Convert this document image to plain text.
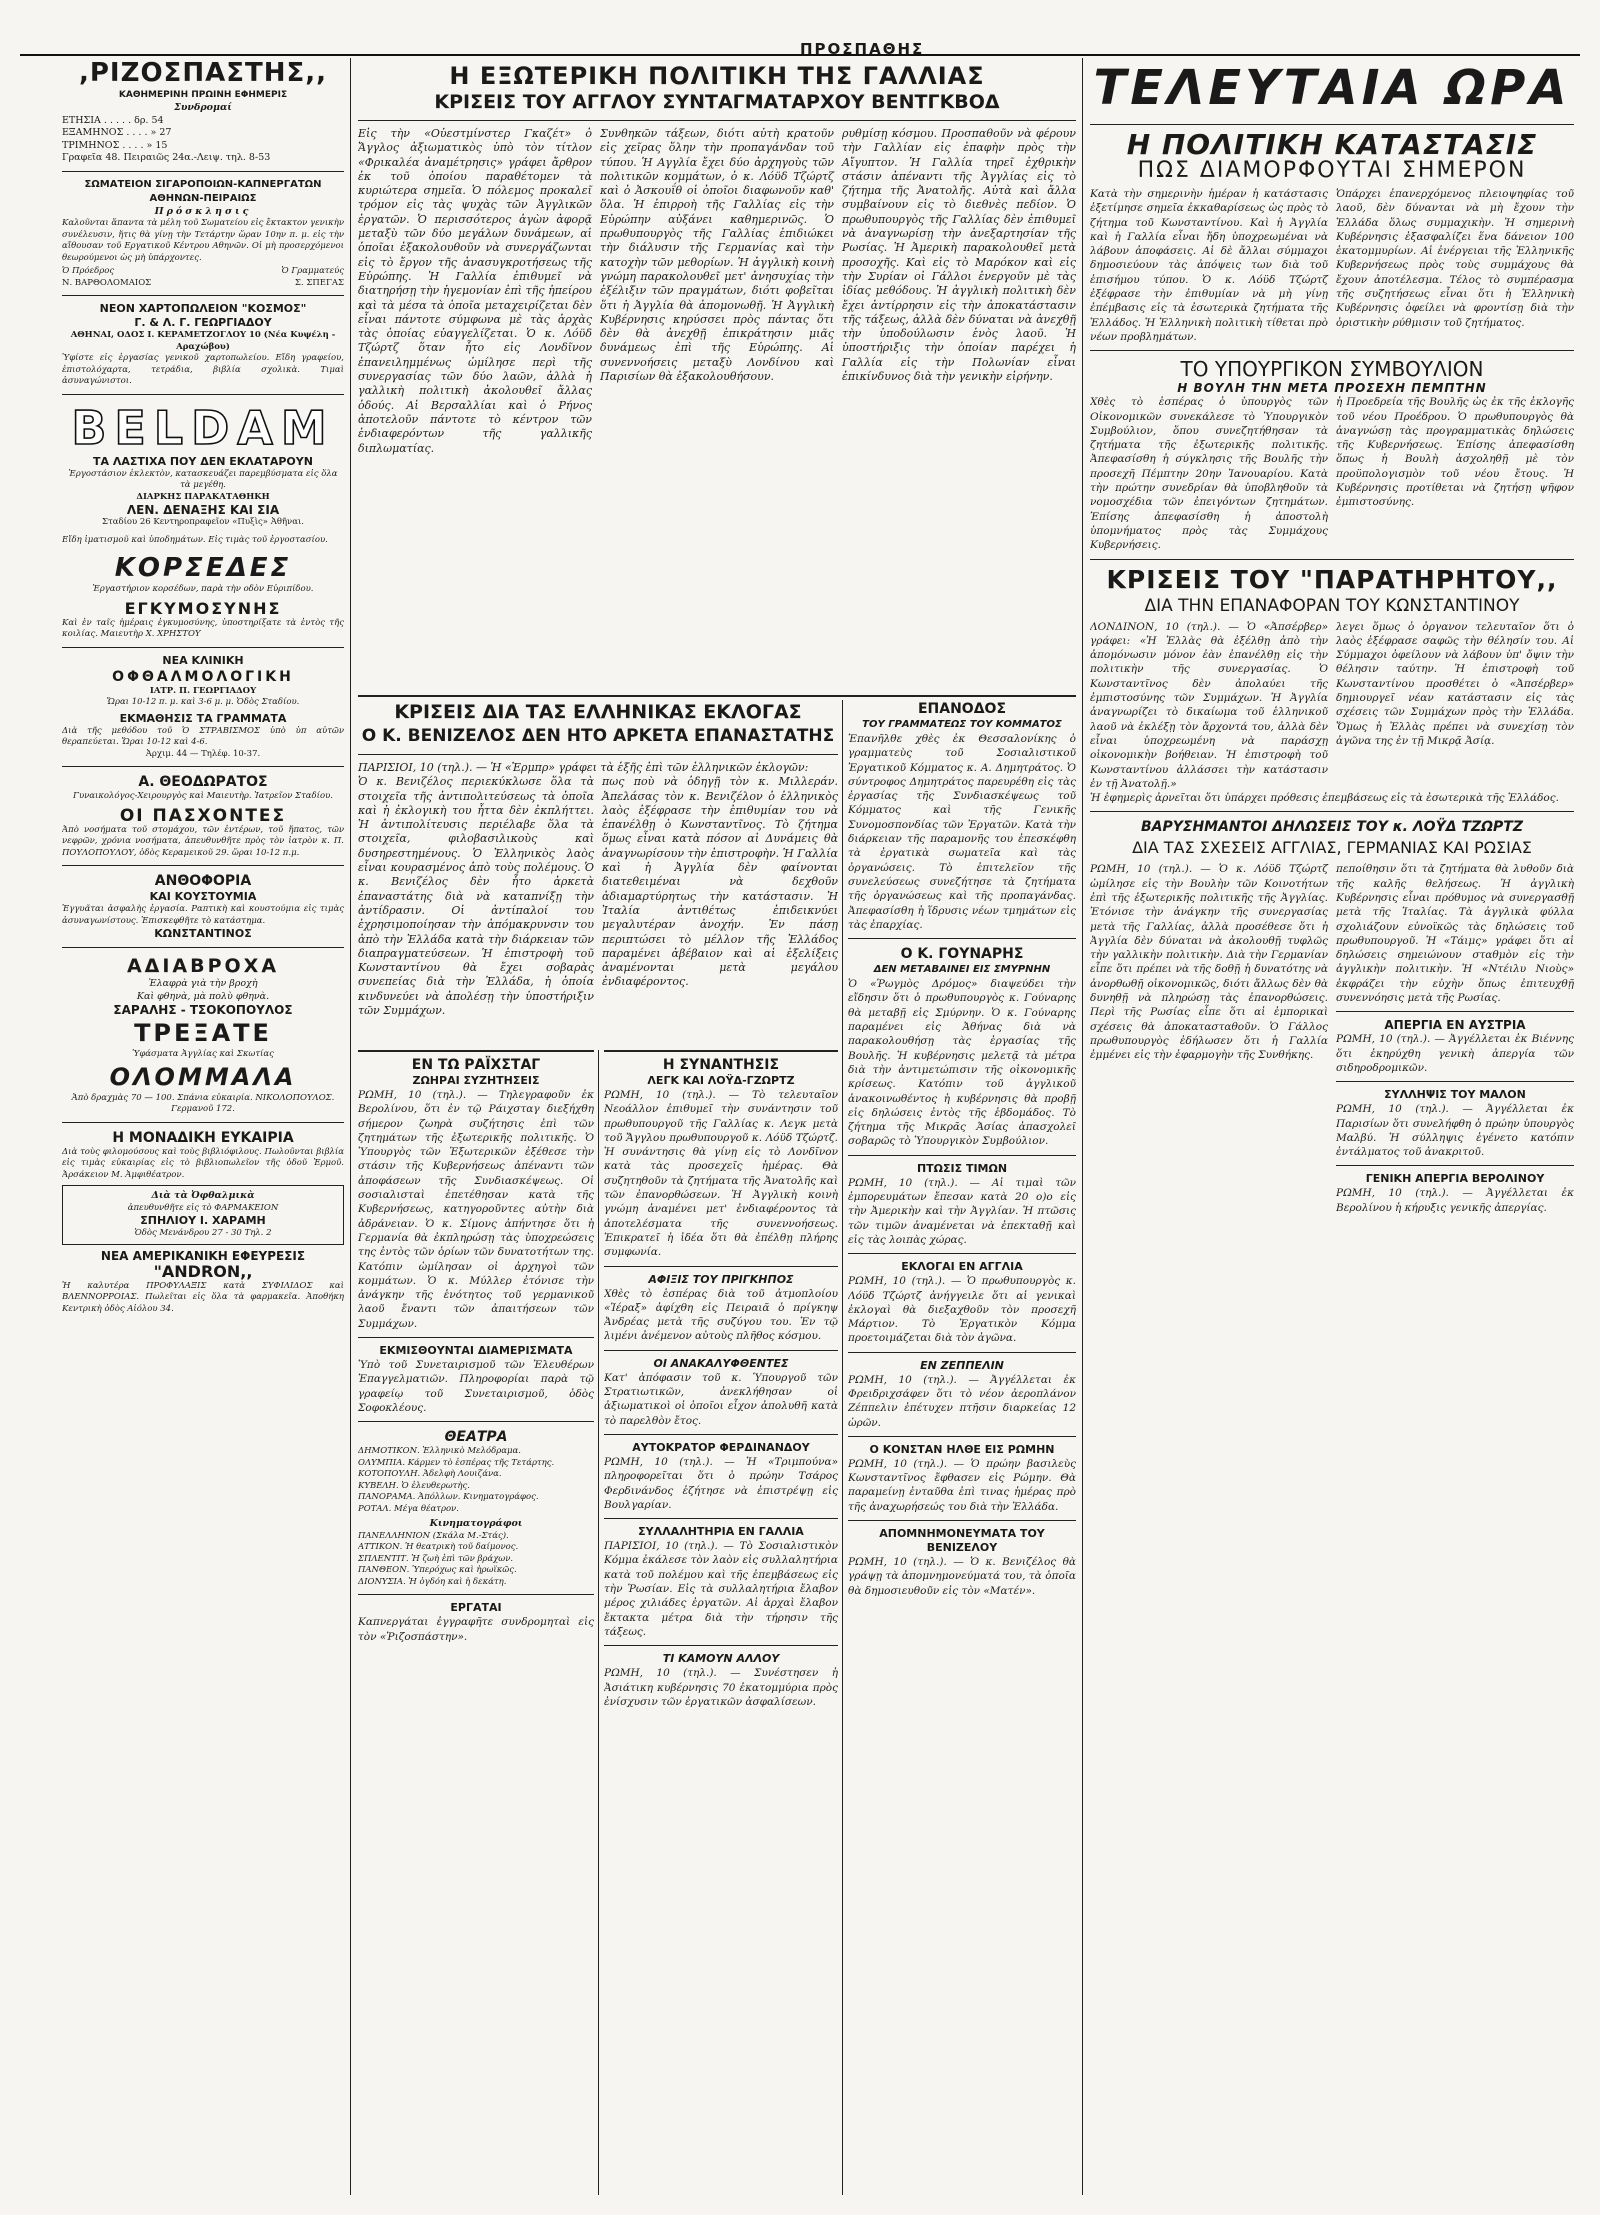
ΠΡΟΣΠΑΘΗΣ
,ΡΙΖΟΣΠΑΣΤΗΣ,,
ΚΑΘΗΜΕΡΙΝΗ ΠΡΩΙΝΗ ΕΦΗΜΕΡΙΣ
Συνδρομαί
ΕΤΗΣΙΑ . . . . . δρ. 54
ΕΞΑΜΗΝΟΣ . . . . » 27
ΤΡΙΜΗΝΟΣ . . . . » 15
Γραφεῖα 48. Πειραιῶς 24α.-Λειψ. τηλ. 8-53
ΣΩΜΑΤΕΙΟΝ ΣΙΓΑΡΟΠΟΙΩΝ-ΚΑΠΝΕΡΓΑΤΩΝ ΑΘΗΝΩΝ-ΠΕΙΡΑΙΩΣ
Πρόσκλησις
Καλοῦνται ἅπαντα τὰ μέλη τοῦ Σωματείου εἰς ἔκτακτον γενικὴν συνέλευσιν, ἥτις θὰ γίνῃ τὴν Τετάρτην ὥραν 10ην π. μ. εἰς τὴν αἴθουσαν τοῦ Εργατικοῦ Κέντρου Αθηνῶν. Οἱ μὴ προσερχόμενοι θεωρούμενοι ὡς μὴ ὑπάρχοντες.
Ὁ Πρόεδρος	Ὁ Γραμματεύς
Ν. ΒΑΡΘΟΛΟΜΑΙΟΣ	Σ. ΣΠΕΓΑΣ
ΝΕΟΝ ΧΑΡΤΟΠΩΛΕΙΟΝ "ΚΟΣΜΟΣ"
Γ. & Λ. Γ. ΓΕΩΡΓΙΑΔΟΥ
ΑΘΗΝΑΙ, ΟΔΟΣ Ι. ΚΕΡΑΜΕΤΖΟΓΛΟΥ 10 (Νέα Κυψέλη - Αραχώβου)
Ὑφίστε εἰς ἐργασίας γενικοῦ χαρτοπωλείου. Εἴδη γραφείου, ἐπιστολόχαρτα, τετράδια, βιβλία σχολικὰ. Τιμαὶ ἀσυναγώνιστοι.
BELDAM
ΤΑ ΛΑΣΤΙΧΑ ΠΟΥ ΔΕΝ ΕΚΛΑΤΑΡΟΥΝ
Ἐργοστάσιον ἐκλεκτὸν, κατασκευάζει παρεμβύσματα εἰς ὅλα τὰ μεγέθη.
ΔΙΑΡΚΗΣ ΠΑΡΑΚΑΤΑΘΗΚΗ
ΛΕΝ. ΔΕΝΑΞΗΣ ΚΑΙ ΣΙΑ
Σταδίου 26 Κεντηροπραφεῖον «Πυξὶς» Ἀθῆναι.
Εἴδη ἱματισμοῦ καὶ ὑποδημάτων. Εἰς τιμὰς τοῦ ἐργοστασίου.
ΚΟΡΣΕΔΕΣ
Ἐργαστήριον κορσέδων, παρὰ τὴν οδὸν Εὐριπίδου.
ΕΓΚΥΜΟΣΥΝΗΣ
Καὶ ἐν ταῖς ἡμέραις ἐγκυμοσύνης, ὑποστηρίξατε τὰ ἐντὸς τῆς κοιλίας. Μαιευτὴρ Χ. ΧΡΗΣΤΟΥ
ΝΕΑ ΚΛΙΝΙΚΗ
ΟΦΘΑΛΜΟΛΟΓΙΚΗ
ΙΑΤΡ. Π. ΓΕΩΡΓΙΑΔΟΥ
Ὥραι 10-12 π. μ. καὶ 3-6 μ. μ. Ὁδὸς Σταδίου.
ΕΚΜΑΘΗΣΙΣ ΤΑ ΓΡΑΜΜΑΤΑ
Διὰ τῆς μεθόδου τοῦ Ὁ ΣΤΡΑΒΙΣΜΟΣ ὑπὸ ὑπ αὐτῶν θεραπεύεται. Ὥραι 10-12 καὶ 4-6.
Ἀρχιμ. 44 — Τηλέφ. 10-37.
Α. ΘΕΟΔΩΡΑΤΟΣ
Γυναικολόγος-Χειρουργὸς καὶ Μαιευτὴρ. Ἰατρεῖον Σταδίου.
ΟΙ ΠΑΣΧΟΝΤΕΣ
Ἀπὸ νοσήματα τοῦ στομάχου, τῶν ἐντέρων, τοῦ ἥπατος, τῶν νεφρῶν, χρόνια νοσήματα, ἀπευθυνθῆτε πρὸς τὸν ἰατρὸν κ. Π. ΠΟΥΛΟΠΟΥΛΟΥ, ὁδὸς Κεραμεικοῦ 29. ὥραι 10-12 π.μ.
ΑΝΘΟΦΟΡΙΑ
ΚΑΙ ΚΟΥΣΤΟΥΜΙΑ
Ἐγγυᾶται ἀσφαλὴς ἐργασία. Ραπτικὴ καὶ κουστούμια εἰς τιμὰς ἀσυναγωνίστους. Ἐπισκεφθῆτε τὸ κατάστημα.
ΚΩΝΣΤΑΝΤΙΝΟΣ
ΑΔΙΑΒΡΟΧΑ
Ἐλαφρὰ γιὰ τὴν βροχὴ
Καὶ φθηνὰ, μὰ πολὺ φθηνὰ.
ΣΑΡΑΛΗΣ - ΤΣΟΚΟΠΟΥΛΟΣ
ΤΡΕΞΑΤΕ
Ὑφάσματα Ἀγγλίας καὶ Σκωτίας
ΟΛΟΜΜΑΛΑ
Ἀπὸ δραχμὰς 70 — 100. Σπάνια εὐκαιρία. ΝΙΚΟΛΟΠΟΥΛΟΣ. Γερμανοῦ 172.
Η ΜΟΝΑΔΙΚΗ ΕΥΚΑΙΡΙΑ
Διὰ τοὺς φιλομούσους καὶ τοὺς βιβλιόφιλους. Πωλοῦνται βιβλία εἰς τιμὰς εὐκαιρίας εἰς τὸ βιβλιοπωλεῖον τῆς ὁδοῦ Ἑρμοῦ. Ἀρσάκειον Μ. Ἀμφιθέατρον.
Διὰ τὰ Ὀφθαλμικὰ
ἀπευθυνθῆτε εἰς τὸ ΦΑΡΜΑΚΕΙΟΝ
ΣΠΗΛΙΟΥ Ι. ΧΑΡΑΜΗ
Ὁδὸς Μενάνδρου 27 - 30 Τηλ. 2
ΝΕΑ ΑΜΕΡΙΚΑΝΙΚΗ ΕΦΕΥΡΕΣΙΣ
"ANDRON,,
Ἡ καλυτέρα ΠΡΟΦΥΛΑΞΙΣ κατὰ ΣΥΦΙΛΙΔΟΣ καὶ ΒΛΕΝΝΟΡΡΟΙΑΣ. Πωλεῖται εἰς ὅλα τὰ φαρμακεῖα. Ἀποθήκη Κεντρικὴ ὁδὸς Αἰόλου 34.
Η ΕΞΩΤΕΡΙΚΗ ΠΟΛΙΤΙΚΗ ΤΗΣ ΓΑΛΛΙΑΣ
ΚΡΙΣΕΙΣ ΤΟΥ ΑΓΓΛΟΥ ΣΥΝΤΑΓΜΑΤΑΡΧΟΥ ΒΕΝΤΓΚΒΟΔ
Εἰς τὴν «Οὐεστμίνστερ Γκαζέτ» ὁ Ἄγγλος ἀξιωματικὸς ὑπὸ τὸν τίτλον «Φρικαλέα ἀναμέτρησις» γράφει ἄρθρον ἐκ τοῦ ὁποίου παραθέτομεν τὰ κυριώτερα σημεῖα. Ὁ πόλεμος προκαλεῖ τρόμον εἰς τὰς ψυχὰς τῶν Ἀγγλικῶν ἐργατῶν. Ὁ περισσότερος ἀγὼν ἀφορᾷ μεταξὺ τῶν δύο μεγάλων δυνάμεων, αἱ ὁποῖαι ἐξακολουθοῦν νὰ συνεργάζωνται εἰς τὸ ἔργον τῆς ἀνασυγκροτήσεως τῆς Εὐρώπης. Ἡ Γαλλία ἐπιθυμεῖ νὰ διατηρήσῃ τὴν ἡγεμονίαν ἐπὶ τῆς ἠπείρου καὶ τὰ μέσα τὰ ὁποῖα μεταχειρίζεται δὲν εἶναι πάντοτε σύμφωνα μὲ τὰς ἀρχὰς τὰς ὁποίας εὐαγγελίζεται. Ὁ κ. Λόϋδ Τζώρτζ ὅταν ἦτο εἰς Λονδῖνον ἐπανειλημμένως ὡμίλησε περὶ τῆς συνεργασίας τῶν δύο λαῶν, ἀλλὰ ἡ γαλλικὴ πολιτικὴ ἀκολουθεῖ ἄλλας ὁδούς. Αἱ Βερσαλλίαι καὶ ὁ Ρήνος ἀποτελοῦν πάντοτε τὸ κέντρον τῶν ἐνδιαφερόντων τῆς γαλλικῆς διπλωματίας.
Συνθηκῶν τάξεων, διότι αὐτὴ κρατοῦν εἰς χεῖρας ὅλην τὴν προπαγάνδαν τοῦ τύπου. Ἡ Αγγλία ἔχει δύο ἀρχηγοὺς τῶν πολιτικῶν κομμάτων, ὁ κ. Λόϋδ Τζώρτζ καὶ ὁ Ἀσκουΐθ οἱ ὁποῖοι διαφωνοῦν καθ' ὅλα. Ἡ ἐπιρροὴ τῆς Γαλλίας εἰς τὴν Εὐρώπην αὐξάνει καθημερινῶς. Ὁ πρωθυπουργὸς τῆς Γαλλίας ἐπιδιώκει τὴν διάλυσιν τῆς Γερμανίας καὶ τὴν κατοχὴν τῶν μεθορίων. Ἡ ἀγγλικὴ κοινὴ γνώμη παρακολουθεῖ μετ' ἀνησυχίας τὴν ἐξέλιξιν τῶν πραγμάτων, διότι φοβεῖται ὅτι ἡ Ἀγγλία θὰ ἀπομονωθῇ. Ἡ Ἀγγλικὴ Κυβέρνησις κηρύσσει πρὸς πάντας ὅτι δὲν θὰ ἀνεχθῇ ἐπικράτησιν μιᾶς δυνάμεως ἐπὶ τῆς Εὐρώπης. Αἱ συνεννοήσεις μεταξὺ Λονδίνου καὶ Παρισίων θὰ ἐξακολουθήσουν.
ρυθμίσῃ κόσμου. Προσπαθοῦν νὰ φέρουν τὴν Γαλλίαν εἰς ἐπαφὴν πρὸς τὴν Αἴγυπτον. Ἡ Γαλλία τηρεῖ ἐχθρικὴν στάσιν ἀπέναντι τῆς Ἀγγλίας εἰς τὸ ζήτημα τῆς Ἀνατολῆς. Αὐτὰ καὶ ἄλλα συμβαίνουν εἰς τὸ διεθνὲς πεδίον. Ὁ πρωθυπουργὸς τῆς Γαλλίας δὲν ἐπιθυμεῖ νὰ ἀναγνωρίσῃ τὴν ἀνεξαρτησίαν τῆς Ρωσίας. Ἡ Ἀμερικὴ παρακολουθεῖ μετὰ προσοχῆς. Καὶ εἰς τὸ Μαρόκον καὶ εἰς τὴν Συρίαν οἱ Γάλλοι ἐνεργοῦν μὲ τὰς ἰδίας μεθόδους. Ἡ ἀγγλικὴ πολιτικὴ δὲν ἔχει ἀντίρρησιν εἰς τὴν ἀποκατάστασιν τῆς τάξεως, ἀλλὰ δὲν δύναται νὰ ἀνεχθῇ τὴν ὑποδούλωσιν ἑνὸς λαοῦ. Ἡ ὑποστήριξις τὴν ὁποίαν παρέχει ἡ Γαλλία εἰς τὴν Πολωνίαν εἶναι ἐπικίνδυνος διὰ τὴν γενικὴν εἰρήνην.
ΚΡΙΣΕΙΣ ΔΙΑ ΤΑΣ ΕΛΛΗΝΙΚΑΣ ΕΚΛΟΓΑΣ
Ο Κ. ΒΕΝΙΖΕΛΟΣ ΔΕΝ ΗΤΟ ΑΡΚΕΤΑ ΕΠΑΝΑΣΤΑΤΗΣ
ΠΑΡΙΣΙΟΙ, 10 (τηλ.). — Ἡ «Ἐρμπρ» γράφει τὰ ἑξῆς ἐπὶ τῶν ἑλληνικῶν ἐκλογῶν:
Ὁ κ. Βενιζέλος περιεκύκλωσε ὅλα τὰ στοιχεῖα τῆς ἀντιπολιτεύσεως τὰ ὁποῖα καὶ ἡ ἐκλογικὴ του ἦττα δὲν ἐκπλήττει. Ἡ ἀντιπολίτευσις περιέλαβε ὅλα τὰ στοιχεῖα, φιλοβασιλικοὺς καὶ δυσηρεστημένους. Ὁ Ἑλληνικὸς λαὸς εἶναι κουρασμένος ἀπὸ τοὺς πολέμους. Ὁ κ. Βενιζέλος δὲν ἦτο ἀρκετὰ ἐπαναστάτης διὰ νὰ καταπνίξῃ τὴν ἀντίδρασιν. Οἱ ἀντίπαλοί του ἐχρησιμοποίησαν τὴν ἀπόμακρυνσιν του ἀπὸ τὴν Ἑλλάδα κατὰ τὴν διάρκειαν τῶν διαπραγματεύσεων. Ἡ ἐπιστροφὴ τοῦ Κωνσταντίνου θὰ ἔχει σοβαρὰς συνεπείας διὰ τὴν Ἑλλάδα, ἡ ὁποία κινδυνεύει νὰ ἀπολέσῃ τὴν ὑποστήριξιν τῶν Συμμάχων.
πως ποὺ νὰ ὁδηγῇ τὸν κ. Μιλλεράν. Ἀπελάσας τὸν κ. Βενιζέλον ὁ ἑλληνικὸς λαὸς ἐξέφρασε τὴν ἐπιθυμίαν του νὰ ἐπανέλθῃ ὁ Κωνσταντῖνος. Τὸ ζήτημα ὅμως εἶναι κατὰ πόσον αἱ Δυνάμεις θὰ ἀναγνωρίσουν τὴν ἐπιστροφὴν. Ἡ Γαλλία καὶ ἡ Ἀγγλία δὲν φαίνονται διατεθειμέναι νὰ δεχθοῦν ἀδιαμαρτύρητως τὴν κατάστασιν. Ἡ Ἰταλία ἀντιθέτως ἐπιδεικνύει μεγαλυτέραν ἀνοχήν. Ἐν πάσῃ περιπτώσει τὸ μέλλον τῆς Ἑλλάδος παραμένει ἀβέβαιον καὶ αἱ ἐξελίξεις ἀναμένονται μετὰ μεγάλου ἐνδιαφέροντος.
ΕΠΑΝΟΔΟΣ
ΤΟΥ ΓΡΑΜΜΑΤΕΩΣ ΤΟΥ ΚΟΜΜΑΤΟΣ
Ἐπανῆλθε χθὲς ἐκ Θεσσαλονίκης ὁ γραμματεὺς τοῦ Σοσιαλιστικοῦ Ἐργατικοῦ Κόμματος κ. Α. Δημητράτος. Ὁ σύντροφος Δημητράτος παρευρέθη εἰς τὰς ἐργασίας τῆς Συνδιασκέψεως τοῦ Κόμματος καὶ τῆς Γενικῆς Συνομοσπονδίας τῶν Ἐργατῶν. Κατὰ τὴν διάρκειαν τῆς παραμονῆς του ἐπεσκέφθη τὰ ἐργατικὰ σωματεῖα καὶ τὰς ὀργανώσεις. Τὸ ἐπιτελεῖον τῆς συνελεύσεως συνεζήτησε τὰ ζητήματα τῆς ὀργανώσεως καὶ τῆς προπαγάνδας. Ἀπεφασίσθη ἡ ἵδρυσις νέων τμημάτων εἰς τὰς ἐπαρχίας.
Ο Κ. ΓΟΥΝΑΡΗΣ
ΔΕΝ ΜΕΤΑΒΑΙΝΕΙ ΕΙΣ ΣΜΥΡΝΗΝ
Ὁ «Ῥωγμὸς Δρόμος» διαψεύδει τὴν εἴδησιν ὅτι ὁ πρωθυπουργὸς κ. Γούναρης θὰ μεταβῇ εἰς Σμύρνην. Ὁ κ. Γούναρης παραμένει εἰς Ἀθήνας διὰ νὰ παρακολουθήσῃ τὰς ἐργασίας τῆς Βουλῆς. Ἡ κυβέρνησις μελετᾷ τὰ μέτρα διὰ τὴν ἀντιμετώπισιν τῆς οἰκονομικῆς κρίσεως. Κατόπιν τοῦ ἀγγλικοῦ ἀνακοινωθέντος ἡ κυβέρνησις θὰ προβῇ εἰς δηλώσεις ἐντὸς τῆς ἑβδομάδος. Τὸ ζήτημα τῆς Μικρᾶς Ἀσίας ἀπασχολεῖ σοβαρῶς τὸ Ὑπουργικὸν Συμβούλιον.
ΠΤΩΣΙΣ ΤΙΜΩΝ
ΡΩΜΗ, 10 (τηλ.). — Αἱ τιμαὶ τῶν ἐμπορευμάτων ἔπεσαν κατὰ 20 ο)ο εἰς τὴν Ἀμερικὴν καὶ τὴν Ἀγγλίαν. Ἡ πτῶσις τῶν τιμῶν ἀναμένεται νὰ ἐπεκταθῇ καὶ εἰς τὰς λοιπὰς χώρας.
ΕΚΛΟΓΑΙ ΕΝ ΑΓΓΛΙΑ
ΡΩΜΗ, 10 (τηλ.). — Ὁ πρωθυπουργὸς κ. Λόϋδ Τζώρτζ ἀνήγγειλε ὅτι αἱ γενικαὶ ἐκλογαὶ θὰ διεξαχθοῦν τὸν προσεχῆ Μάρτιον. Τὸ Ἐργατικὸν Κόμμα προετοιμάζεται διὰ τὸν ἀγῶνα.
ΕΝ ΖΕΠΠΕΛΙΝ
ΡΩΜΗ, 10 (τηλ.). — Ἀγγέλλεται ἐκ Φρειδριχσάφεν ὅτι τὸ νέον ἀεροπλάνον Ζέππελιν ἐπέτυχεν πτῆσιν διαρκείας 12 ὡρῶν.
Ο ΚΟΝΣΤΑΝ ΗΛΘΕ ΕΙΣ ΡΩΜΗΝ
ΡΩΜΗ, 10 (τηλ.). — Ὁ πρώην βασιλεὺς Κωνσταντῖνος ἔφθασεν εἰς Ρώμην. Θὰ παραμείνῃ ἐνταῦθα ἐπὶ τινας ἡμέρας πρὸ τῆς ἀναχωρήσεώς του διὰ τὴν Ἑλλάδα.
ΑΠΟΜΝΗΜΟΝΕΥΜΑΤΑ ΤΟΥ ΒΕΝΙΖΕΛΟΥ
ΡΩΜΗ, 10 (τηλ.). — Ὁ κ. Βενιζέλος θὰ γράψῃ τὰ ἀπομνημονεύματά του, τὰ ὁποῖα θὰ δημοσιευθοῦν εἰς τὸν «Ματέν».
ΕΝ ΤΩ ΡΑΪΧΣΤΑΓ
ΖΩΗΡΑΙ ΣΥΖΗΤΗΣΕΙΣ
ΡΩΜΗ, 10 (τηλ.). — Τηλεγραφοῦν ἐκ Βερολίνου, ὅτι ἐν τῷ Ράιχσταγ διεξήχθη σήμερον ζωηρὰ συζήτησις ἐπὶ τῶν ζητημάτων τῆς ἐξωτερικῆς πολιτικῆς. Ὁ Ὑπουργὸς τῶν Ἐξωτερικῶν ἐξέθεσε τὴν στάσιν τῆς Κυβερνήσεως ἀπέναντι τῶν ἀποφάσεων τῆς Συνδιασκέψεως. Οἱ σοσιαλισταὶ ἐπετέθησαν κατὰ τῆς Κυβερνήσεως, κατηγοροῦντες αὐτὴν διὰ ἀδράνειαν. Ὁ κ. Σίμονς ἀπήντησε ὅτι ἡ Γερμανία θὰ ἐκπληρώσῃ τὰς ὑποχρεώσεις της ἐντὸς τῶν ὁρίων τῶν δυνατοτήτων της. Κατόπιν ὡμίλησαν οἱ ἀρχηγοὶ τῶν κομμάτων. Ὁ κ. Μύλλερ ἐτόνισε τὴν ἀνάγκην τῆς ἑνότητος τοῦ γερμανικοῦ λαοῦ ἔναντι τῶν ἀπαιτήσεων τῶν Συμμάχων.
ΕΚΜΙΣΘΟΥΝΤΑΙ ΔΙΑΜΕΡΙΣΜΑΤΑ
Ὑπὸ τοῦ Συνεταιρισμοῦ τῶν Ἐλευθέρων Ἐπαγγελματιῶν. Πληροφορίαι παρὰ τῷ γραφείῳ τοῦ Συνεταιρισμοῦ, ὁδὸς Σοφοκλέους.
ΘΕΑΤΡΑ
ΔΗΜΟΤΙΚΟΝ. Ἑλληνικὸ Μελόδραμα.
ΟΛΥΜΠΙΑ. Κάρμεν τὸ ἑσπέρας τῆς Τετάρτης.
ΚΟΤΟΠΟΥΛΗ. Ἀδελφὴ Λουιζάνα.
ΚΥΒΕΛΗ. Ὁ ἐλευθερωτὴς.
ΠΑΝΟΡΑΜΑ. Ἀπόλλων. Κινηματογράφος.
ΡΟΤΑΛ. Μέγα θέατρον.
Κινηματογράφοι
ΠΑΝΕΛΛΗΝΙΟΝ (Σκάλα Μ.-Στάς).
ΑΤΤΙΚΟΝ. Ἡ θεατρικὴ τοῦ δαίμονος.
ΣΠΛΕΝΤΙΤ. Ἡ ζωὴ ἐπὶ τῶν βράχων.
ΠΑΝΘΕΟΝ. Ὑπερόχως καὶ ἡρωϊκῶς.
ΔΙΟΝΥΣΙΑ. Ἡ ὀγδόη καὶ ἡ δεκάτη.
ΕΡΓΑΤΑΙ
Καπνεργάται ἐγγραφῆτε συνδρομηταὶ εἰς τὸν «Ῥιζοσπάστην».
Η ΣΥΝΑΝΤΗΣΙΣ
ΛΕΓΚ ΚΑΙ ΛΟΫΔ-ΓΖΩΡΤΖ
ΡΩΜΗ, 10 (τηλ.). — Τὸ τελευταῖον Νεοάλλον ἐπιθυμεῖ τὴν συνάντησιν τοῦ πρωθυπουργοῦ τῆς Γαλλίας κ. Λεγκ μετὰ τοῦ Ἄγγλου πρωθυπουργοῦ κ. Λόϋδ Τζώρτζ. Ἡ συνάντησις θὰ γίνῃ εἰς τὸ Λονδῖνον κατὰ τὰς προσεχεῖς ἡμέρας. Θὰ συζητηθοῦν τὰ ζητήματα τῆς Ἀνατολῆς καὶ τῶν ἐπανορθώσεων. Ἡ Ἀγγλικὴ κοινὴ γνώμη ἀναμένει μετ' ἐνδιαφέροντος τὰ ἀποτελέσματα τῆς συνεννοήσεως. Ἐπικρατεῖ ἡ ἰδέα ὅτι θὰ ἐπέλθῃ πλήρης συμφωνία.
ΑΦΙΞΙΣ ΤΟΥ ΠΡΙΓΚΗΠΟΣ
Χθὲς τὸ ἑσπέρας διὰ τοῦ ἀτμοπλοίου «Ἰέραξ» ἀφίχθη εἰς Πειραιᾶ ὁ πρίγκηψ Ἀνδρέας μετὰ τῆς συζύγου του. Ἐν τῷ λιμένι ἀνέμενον αὐτοὺς πλῆθος κόσμου.
ΟΙ ΑΝΑΚΑΛΥΦΘΕΝΤΕΣ
Κατ' ἀπόφασιν τοῦ κ. Ὑπουργοῦ τῶν Στρατιωτικῶν, ἀνεκλήθησαν οἱ ἀξιωματικοὶ οἱ ὁποῖοι εἶχον ἀπολυθῆ κατὰ τὸ παρελθὸν ἔτος.
ΑΥΤΟΚΡΑΤΟΡ ΦΕΡΔΙΝΑΝΔΟΥ
ΡΩΜΗ, 10 (τηλ.). — Ἡ «Τριμπούνα» πληροφορεῖται ὅτι ὁ πρώην Τσάρος Φερδινάνδος ἐζήτησε νὰ ἐπιστρέψῃ εἰς Βουλγαρίαν.
ΣΥΛΛΑΛΗΤΗΡΙΑ ΕΝ ΓΑΛΛΙΑ
ΠΑΡΙΣΙΟΙ, 10 (τηλ.). — Τὸ Σοσιαλιστικὸν Κόμμα ἐκάλεσε τὸν λαὸν εἰς συλλαλητήρια κατὰ τοῦ πολέμου καὶ τῆς ἐπεμβάσεως εἰς τὴν Ῥωσίαν. Εἰς τὰ συλλαλητήρια ἔλαβον μέρος χιλιάδες ἐργατῶν. Αἱ ἀρχαὶ ἔλαβον ἔκτακτα μέτρα διὰ τὴν τήρησιν τῆς τάξεως.
ΤΙ ΚΑΜΟΥΝ ΑΛΛΟΥ
ΡΩΜΗ, 10 (τηλ.). — Συνέστησεν ἡ Ἀσιάτικη κυβέρνησις 70 ἐκατομμύρια πρὸς ἐνίσχυσιν τῶν ἐργατικῶν ἀσφαλίσεων.
ΤΕΛΕΥΤΑΙΑ ΩΡΑ
Η ΠΟΛΙΤΙΚΗ ΚΑΤΑΣΤΑΣΙΣ
ΠΩΣ ΔΙΑΜΟΡΦΟΥΤΑΙ ΣΗΜΕΡΟΝ
Κατὰ τὴν σημερινὴν ἡμέραν ἡ κατάστασις ἐξετίμησε σημεῖα ἐκκαθαρίσεως ὡς πρὸς τὸ ζήτημα τοῦ Κωνσταντίνου. Καὶ ἡ Ἀγγλία καὶ ἡ Γαλλία εἶναι ἤδη ὑποχρεωμέναι νὰ λάβουν ἀποφάσεις. Αἱ δὲ ἄλλαι σύμμαχοι δημοσιεύουν τὰς ἀπόψεις των διὰ τοῦ ἐπισήμου τύπου. Ὁ κ. Λόϋδ Τζώρτζ ἐξέφρασε τὴν ἐπιθυμίαν νὰ μὴ γίνῃ ἐπέμβασις εἰς τὰ ἐσωτερικὰ ζητήματα τῆς Ἑλλάδος. Ἡ Ἑλληνικὴ πολιτικὴ τίθεται πρὸ νέων προβλημάτων.
Ὁπάρχει ἐπανερχόμενος πλειοψηφίας τοῦ λαοῦ, δὲν δύνανται νὰ μὴ ἔχουν τὴν Ἑλλάδα ὅλως συμμαχικὴν. Ἡ σημερινὴ Κυβέρνησις ἐξασφαλίζει ἕνα δάνειον 100 ἑκατομμυρίων. Αἱ ἐνέργειαι τῆς Ἑλληνικῆς Κυβερνήσεως πρὸς τοὺς συμμάχους θὰ ἔχουν ἀποτέλεσμα. Τέλος τὸ συμπέρασμα τῆς συζητήσεως εἶναι ὅτι ἡ Ἑλληνικὴ Κυβέρνησις ὀφείλει νὰ φροντίσῃ διὰ τὴν ὁριστικὴν ρύθμισιν τοῦ ζητήματος.
ΤΟ ΥΠΟΥΡΓΙΚΟΝ ΣΥΜΒΟΥΛΙΟΝ
Η ΒΟΥΛΗ ΤΗΝ ΜΕΤΑ ΠΡΟΣΕΧΗ ΠΕΜΠΤΗΝ
Χθὲς τὸ ἑσπέρας ὁ ὑπουργὸς τῶν Οἰκονομικῶν συνεκάλεσε τὸ Ὑπουργικὸν Συμβούλιον, ὅπου συνεζητήθησαν τὰ ζητήματα τῆς ἐξωτερικῆς πολιτικῆς. Ἀπεφασίσθη ἡ σύγκλησις τῆς Βουλῆς τὴν προσεχῆ Πέμπτην 20ην Ἰανουαρίου. Κατὰ τὴν πρώτην συνεδρίαν θὰ ὑποβληθοῦν τὰ νομοσχέδια τῶν ἐπειγόντων ζητημάτων. Ἐπίσης ἀπεφασίσθη ἡ ἀποστολὴ ὑπομνήματος πρὸς τὰς Συμμάχους Κυβερνήσεις.
ἡ Προεδρεία τῆς Βουλῆς ὡς ἐκ τῆς ἐκλογῆς τοῦ νέου Προέδρου. Ὁ πρωθυπουργὸς θὰ ἀναγνώσῃ τὰς προγραμματικὰς δηλώσεις τῆς Κυβερνήσεως. Ἐπίσης ἀπεφασίσθη ὅπως ἡ Βουλὴ ἀσχοληθῇ μὲ τὸν προϋπολογισμὸν τοῦ νέου ἔτους. Ἡ Κυβέρνησις προτίθεται νὰ ζητήσῃ ψῆφον ἐμπιστοσύνης.
ΚΡΙΣΕΙΣ ΤΟΥ "ΠΑΡΑΤΗΡΗΤΟΥ,,
ΔΙΑ ΤΗΝ ΕΠΑΝΑΦΟΡΑΝ ΤΟΥ ΚΩΝΣΤΑΝΤΙΝΟΥ
ΛΟΝΔΙΝΟΝ, 10 (τηλ.). — Ὁ «Ἀπσέρβερ» γράφει: «Ἡ Ἑλλὰς θὰ ἐξέλθῃ ἀπὸ τὴν ἀπομόνωσιν μόνον ἐὰν ἐπανέλθῃ εἰς τὴν πολιτικὴν τῆς συνεργασίας. Ὁ Κωνσταντῖνος δὲν ἀπολαύει τῆς ἐμπιστοσύνης τῶν Συμμάχων. Ἡ Ἀγγλία ἀναγνωρίζει τὸ δικαίωμα τοῦ ἑλληνικοῦ λαοῦ νὰ ἐκλέξῃ τὸν ἄρχοντά του, ἀλλὰ δὲν εἶναι ὑποχρεωμένη νὰ παράσχῃ οἰκονομικὴν βοήθειαν. Ἡ ἐπιστροφὴ τοῦ Κωνσταντίνου ἀλλάσσει τὴν κατάστασιν ἐν τῇ Ἀνατολῇ.»
λεγει ὅμως ὁ ὁργανον τελευταῖον ὅτι ὁ λαὸς ἐξέφρασε σαφῶς τὴν θέλησίν του. Αἱ Σύμμαχοι ὀφείλουν νὰ λάβουν ὑπ' ὄψιν τὴν θέλησιν ταύτην. Ἡ ἐπιστροφὴ τοῦ Κωνσταντίνου προσθέτει ὁ «Ἀπσέρβερ» δημιουργεῖ νέαν κατάστασιν εἰς τὰς σχέσεις τῶν Συμμάχων πρὸς τὴν Ἑλλάδα. Ὅμως ἡ Ἑλλὰς πρέπει νὰ συνεχίσῃ τὸν ἀγῶνα της ἐν τῇ Μικρᾷ Ἀσίᾳ.
Ἡ ἐφημερὶς ἀρνεῖται ὅτι ὑπάρχει πρόθεσις ἐπεμβάσεως εἰς τὰ ἐσωτερικὰ τῆς Ἑλλάδος.
ΒΑΡΥΣΗΜΑΝΤΟΙ ΔΗΛΩΣΕΙΣ ΤΟΥ κ. ΛΟΫΔ ΤΖΩΡΤΖ
ΔΙΑ ΤΑΣ ΣΧΕΣΕΙΣ ΑΓΓΛΙΑΣ, ΓΕΡΜΑΝΙΑΣ ΚΑΙ ΡΩΣΙΑΣ
ΡΩΜΗ, 10 (τηλ.). — Ὁ κ. Λόϋδ Τζώρτζ ὡμίλησε εἰς τὴν Βουλὴν τῶν Κοινοτήτων ἐπὶ τῆς ἐξωτερικῆς πολιτικῆς τῆς Ἀγγλίας. Ἐτόνισε τὴν ἀνάγκην τῆς συνεργασίας μετὰ τῆς Γαλλίας, ἀλλὰ προσέθεσε ὅτι ἡ Ἀγγλία δὲν δύναται νὰ ἀκολουθῇ τυφλῶς τὴν γαλλικὴν πολιτικὴν. Διὰ τὴν Γερμανίαν εἶπε ὅτι πρέπει νὰ τῆς δοθῇ ἡ δυνατότης νὰ ἀνορθωθῇ οἰκονομικῶς, διότι ἄλλως δὲν θὰ δυνηθῇ νὰ πληρώσῃ τὰς ἐπανορθώσεις. Περὶ τῆς Ρωσίας εἶπε ὅτι αἱ ἐμπορικαὶ σχέσεις θὰ ἀποκατασταθοῦν. Ὁ Γάλλος πρωθυπουργὸς ἐδήλωσεν ὅτι ἡ Γαλλία ἐμμένει εἰς τὴν ἐφαρμογὴν τῆς Συνθήκης.
πεποίθησιν ὅτι τὰ ζητήματα θὰ λυθοῦν διὰ τῆς καλῆς θελήσεως. Ἡ ἀγγλικὴ Κυβέρνησις εἶναι πρόθυμος νὰ συνεργασθῇ μετὰ τῆς Ἰταλίας. Τὰ ἀγγλικὰ φύλλα σχολιάζουν εὐνοϊκῶς τὰς δηλώσεις τοῦ πρωθυπουργοῦ. Ἡ «Τάιμς» γράφει ὅτι αἱ δηλώσεις σημειώνουν σταθμὸν εἰς τὴν ἀγγλικὴν πολιτικὴν. Ἡ «Ντέιλυ Νιοὺς» ἐκφράζει τὴν εὐχὴν ὅπως ἐπιτευχθῇ συνεννόησις μετὰ τῆς Ρωσίας.
ΑΠΕΡΓΙΑ ΕΝ ΑΥΣΤΡΙΑ
ΡΩΜΗ, 10 (τηλ.). — Ἀγγέλλεται ἐκ Βιέννης ὅτι ἐκηρύχθη γενικὴ ἀπεργία τῶν σιδηροδρομικῶν.
ΣΥΛΛΗΨΙΣ ΤΟΥ ΜΑΛΟΝ
ΡΩΜΗ, 10 (τηλ.). — Ἀγγέλλεται ἐκ Παρισίων ὅτι συνελήφθη ὁ πρώην ὑπουργὸς Μαλβύ. Ἡ σύλληψις ἐγένετο κατόπιν ἐντάλματος τοῦ ἀνακριτοῦ.
ΓΕΝΙΚΗ ΑΠΕΡΓΙΑ ΒΕΡΟΛΙΝΟΥ
ΡΩΜΗ, 10 (τηλ.). — Ἀγγέλλεται ἐκ Βερολίνου ἡ κήρυξις γενικῆς ἀπεργίας.
